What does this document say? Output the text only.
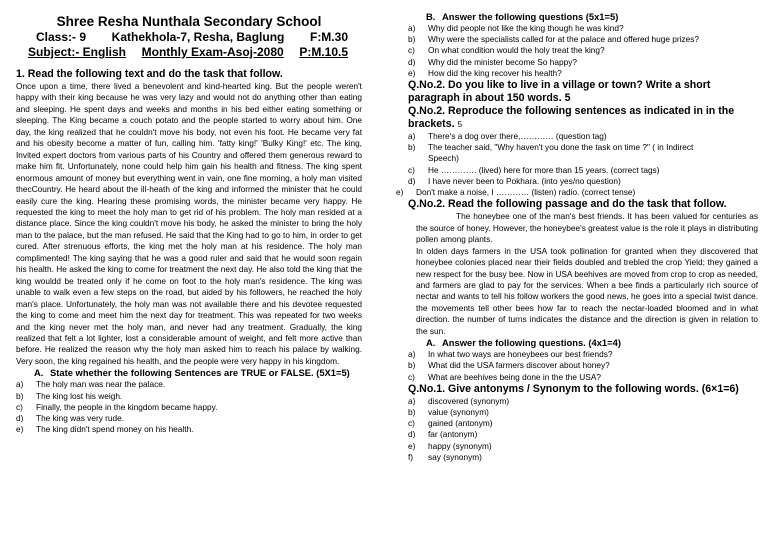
Shree Resha Nunthala Secondary School
Class:- 9 Kathekhola-7, Resha, Baglung F:M.30
Subject:- English Monthly Exam-Asoj-2080 P:M.10.5
1. Read the following text and do the task that follow.

Once upon a time, there lived a benevolent and kind-hearted king. But the people weren't happy with their king because he was very lazy and would not do anything other than eating and sleeping. He spent days and weeks and months in his bed either eating something or sleeping. The King became a couch potato and the people started to worry about him. One day, the king realized that he couldn't move his body, not even his foot. He became very fat and his obesity become a matter of fun, calling him. 'fatty king!' 'Bulky King!' etc. The king, Invited expert doctors from various parts of his Country and offered them generous reward to make him fit. Unfortunately, none could help him gain his health and fitness. The king spent enormous amount of money but everything went in vain, one fine morning, a holy man visited thecCountry. He heard about the ill-heath of the king and informed the minister that he could easily cure the king. Hearing these promising words, the minister became very happy. He requested the king to meet the holy man to get rid of his problem. The holy man resided at a distance place. Since the king couldn't move his body, he asked the minister to bring the holy man to the palace, but the man refused. He said that the King had to go to him, in order to get cured. After strenuous efforts, the king met the holy man at his residence. The holy man complimented! The king saying that he was a good ruler and said that he would soon regain his health. He asked the king to come for treatment the next day. He also told the king that the king wouldd be treated only if he come on foot to the holy man's residence. The king was unable to walk even a few steps on the road, but aided by his followers, he reached the holy man's place. Unfortunately, the holy man was not available there and his devotee requested the king to come and meet him the next day for treatment. This was repeated for two weeks and the king never met the holy man, and never had any treatment. Gradually, the king realized that felt a lot lighter, lost a considerable amount of weight, and felt more active than before. He realized the reason why the holy man asked him to reach his palace by walking. Very soon, the king regained his health, and the people were very happy in his kingdom.

A. State whether the following Sentences are TRUE or FALSE. (5X1=5)
a)	The holy man was near the palace.
b)	The king lost his weigh.
c)	Finally, the people in the kingdom became happy.
d)	The king was very rude.
e)	The king didn't spend money on his health.
B. Answer the following questions (5x1=5)
a)	Why did people not like the king though he was kind?
b)	Why were the specialists called for at the palace and offered huge prizes?
c)	On what condition would the holy treat the king?
d)	Why did the minister become So happy?
e)	How did the king recover his health?
Q.No.2. Do you like to live in a village or town? Write a short paragraph in about 150 words. 5
Q.No.2. Reproduce the following sentences as indicated in in the brackets. 5
a)	There's a dog over there,………… (question tag)
b)	The teacher said, "Why haven't you done the task on time ?" ( in Indirect Speech)
c)	He …………. (lived) here for more than 15 years. (correct tags)
d)	I have never been to Pokhara. (into yes/no question)
e)	Don't make a noise, I ………… (listen) radio. (correct tense)
Q.No.2. Read the following passage and do the task that follow.

The honeybee one of the man's best friends. It has been valued for centuries as the source of honey. However, the honeybee's greatest value is the role it plays in distributing pollen among plants.

In olden days farmers in the USA took pollination for granted when they discovered that honeybee colonies placed near their fields doubled and trebled the crop Yield; they gained a new respect for the busy bee. Now in USA beehives are moved from crop to crop as needed, and farmers are glad to pay for the services. When a bee finds a particularly rich source of nectar and wants to tell his follow workers the good news, he goes into a special twist dance. the movements tell other bees how far to reach the nectar-loaded bloomed and in what direction. the number of turns indicates the distance and the direction is given in relation to the sun.

A. Answer the following questions. (4x1=4)
a)	In what two ways are honeybees our best friends?
b)	What did the USA farmers discover about honey?
c)	What are beehives being done in the the USA?
Q.No.1. Give antonyms / Synonym to the following words. (6×1=6)
a)	discovered (synonym)
b)	value (synonym)
c)	gained (antonym)
d)	far (antonym)
e)	happy (synonym)
f)	say (synonym)
